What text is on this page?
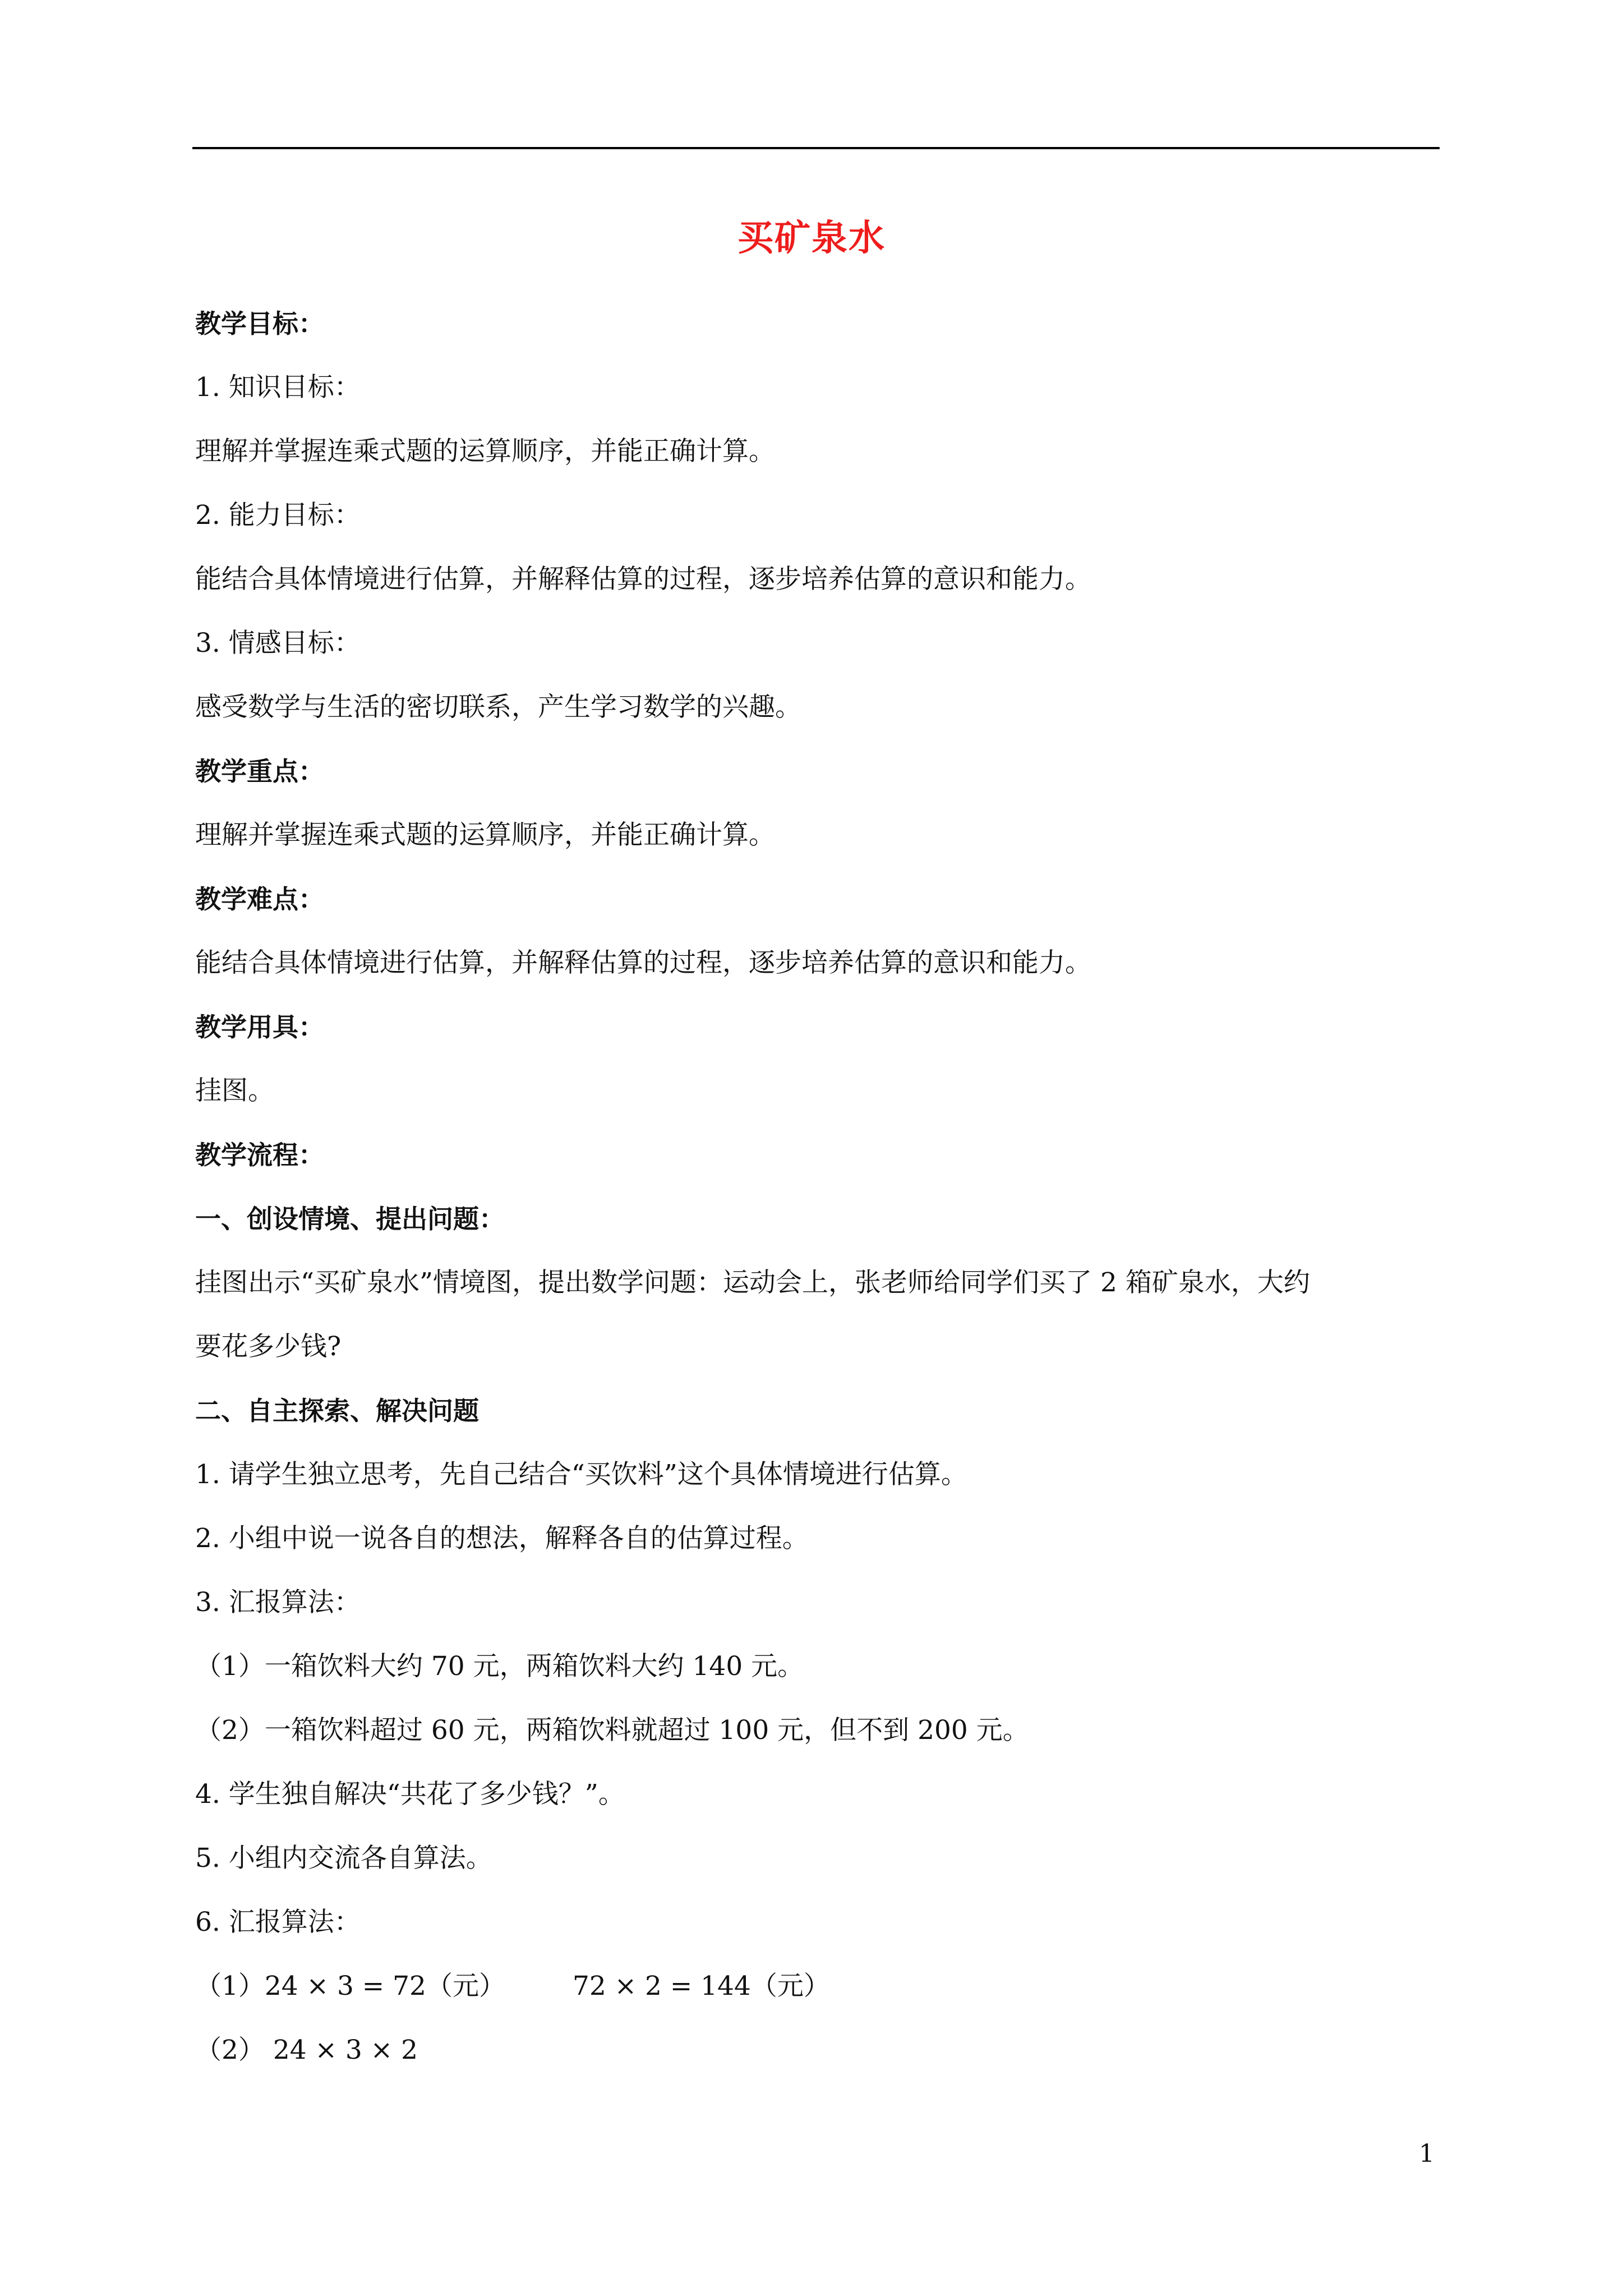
买矿泉水
教学目标：
1. 知识目标：
理解并掌握连乘式题的运算顺序，并能正确计算。
2. 能力目标：
能结合具体情境进行估算，并解释估算的过程，逐步培养估算的意识和能力。
3. 情感目标：
感受数学与生活的密切联系，产生学习数学的兴趣。
教学重点：
理解并掌握连乘式题的运算顺序，并能正确计算。
教学难点：
能结合具体情境进行估算，并解释估算的过程，逐步培养估算的意识和能力。
教学用具：
挂图。
教学流程：
一、创设情境、提出问题：
挂图出示“买矿泉水”情境图，提出数学问题：运动会上，张老师给同学们买了 2 箱矿泉水，大约
要花多少钱?
二、自主探索、解决问题
1. 请学生独立思考，先自己结合“买饮料”这个具体情境进行估算。
2. 小组中说一说各自的想法，解释各自的估算过程。
3. 汇报算法：
（1）一箱饮料大约 70 元，两箱饮料大约 140 元。
（2）一箱饮料超过 60 元，两箱饮料就超过 100 元，但不到 200 元。
4. 学生独自解决“共花了多少钱？”。
5. 小组内交流各自算法。
6. 汇报算法：
（1）24 × 3 = 72（元）	72 × 2 = 144（元）
（2） 24 × 3 × 2
1
